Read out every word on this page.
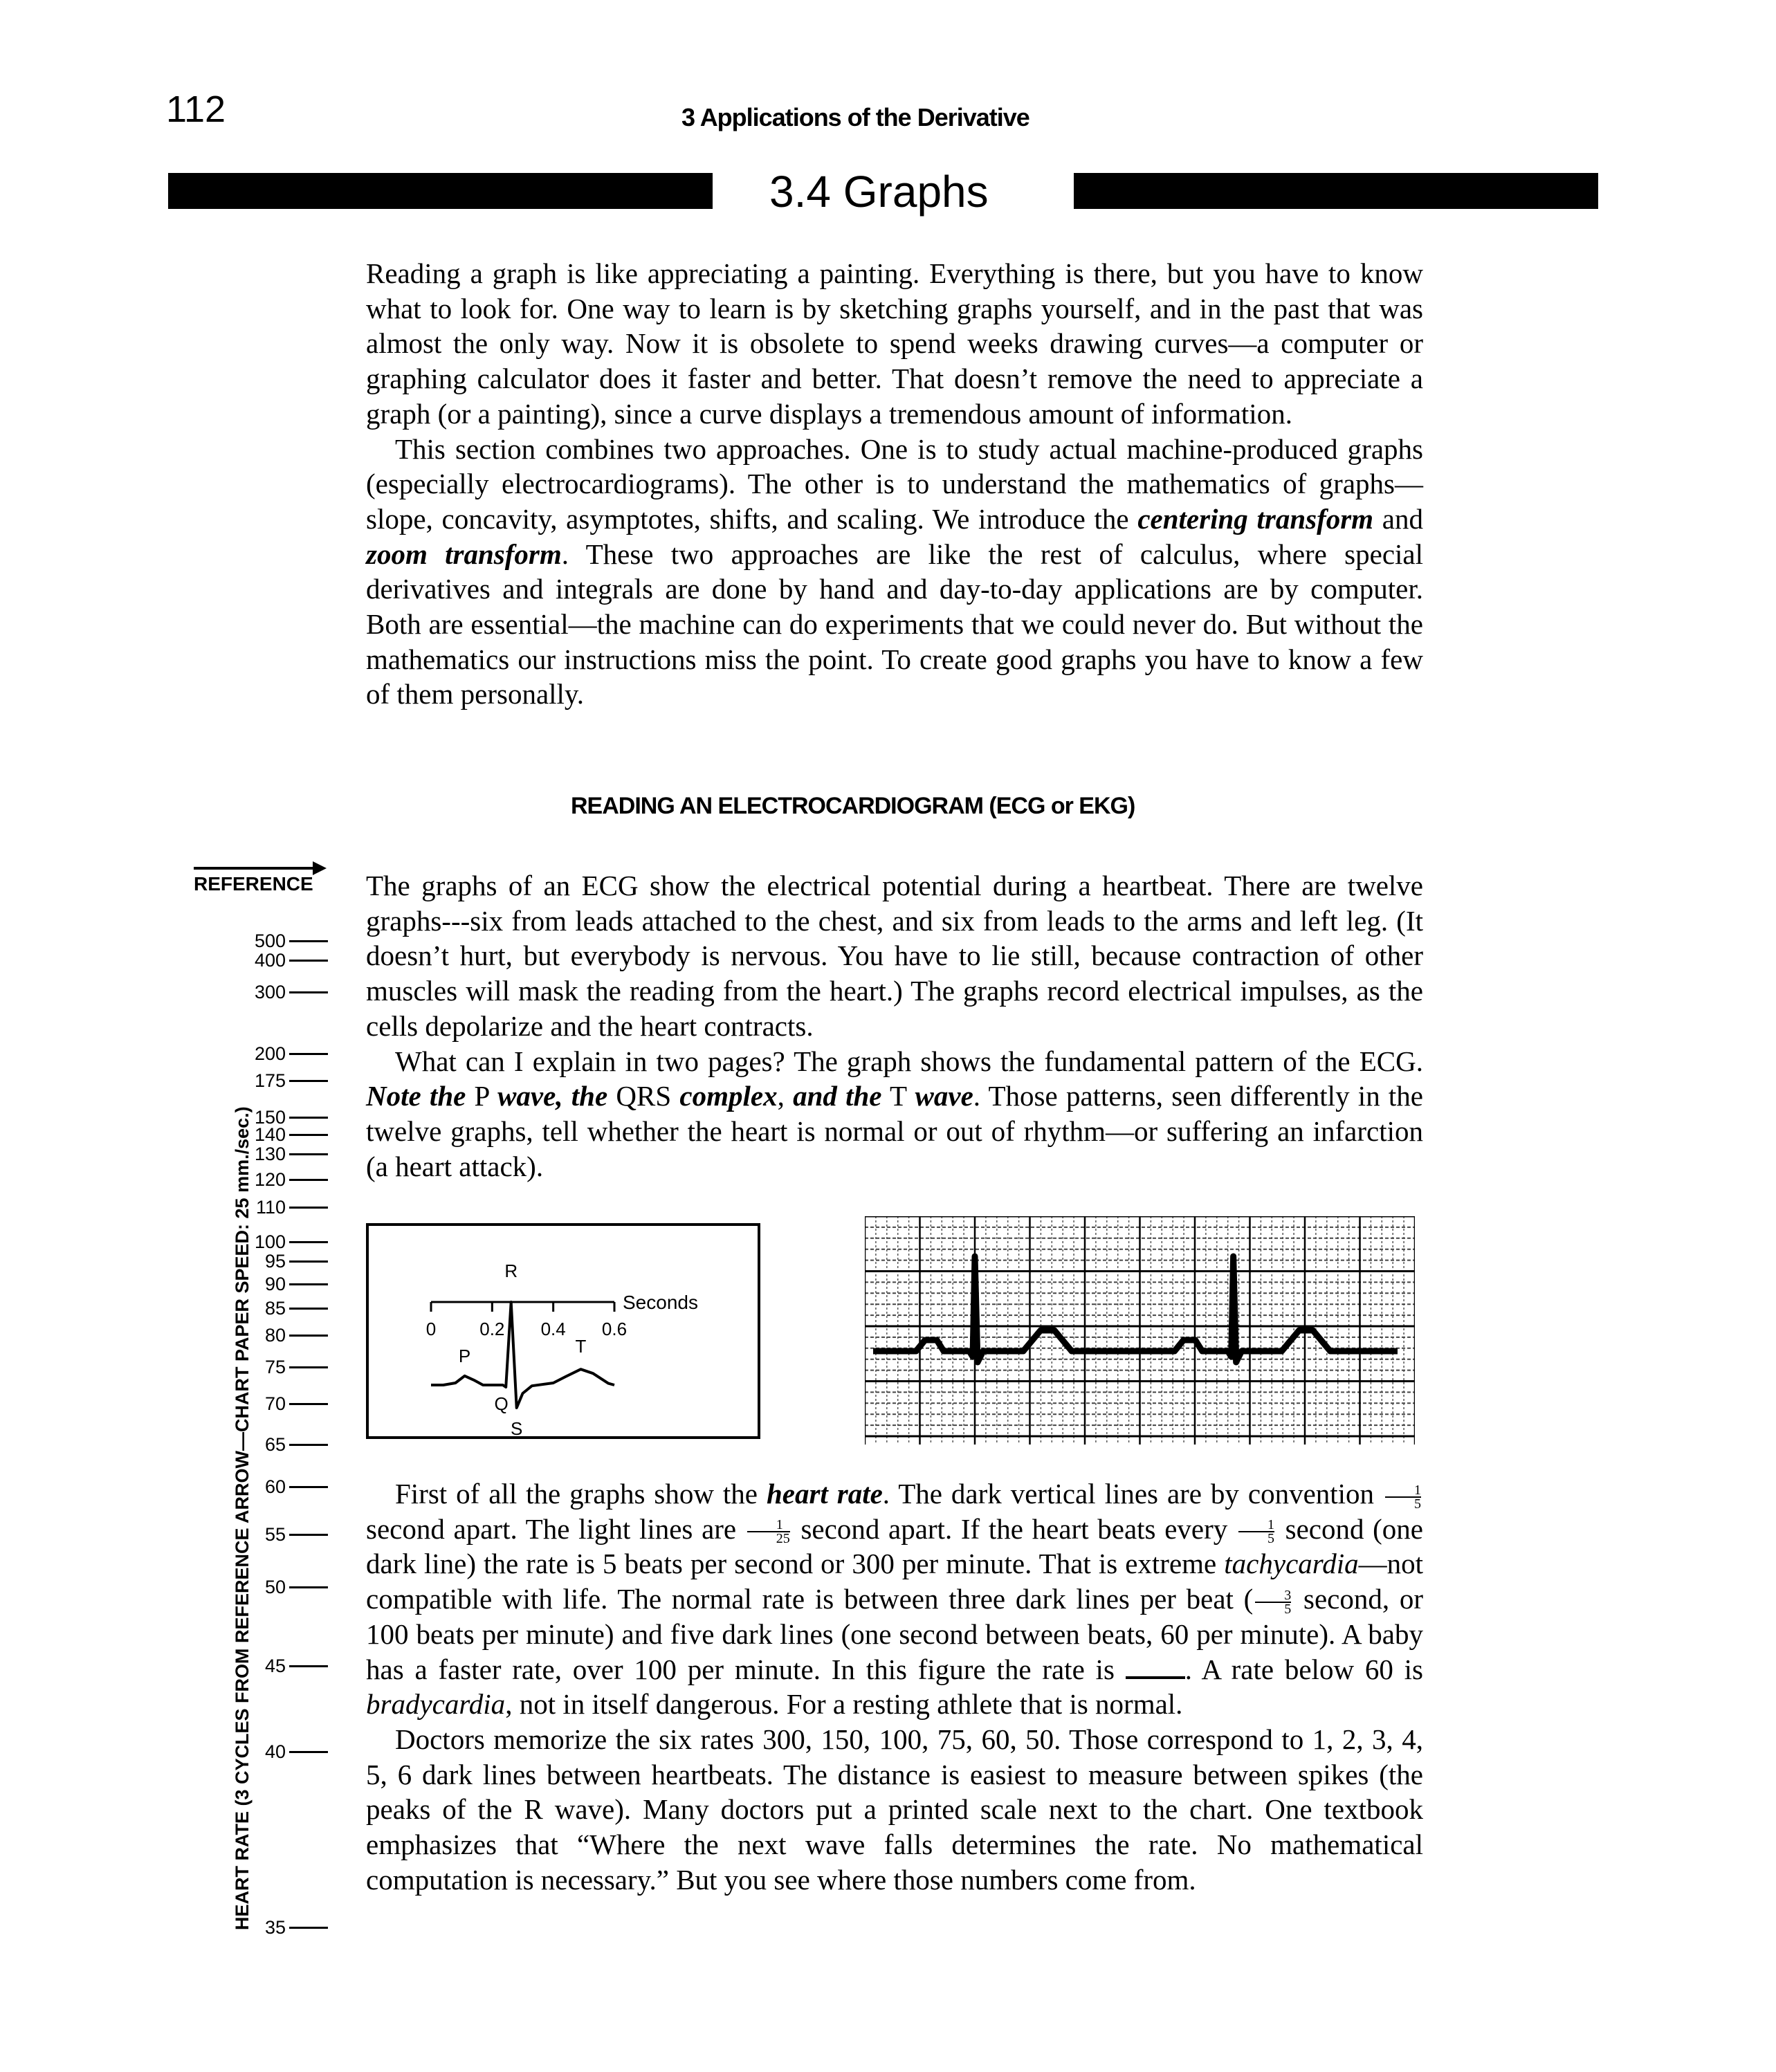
112	3 Applications of the Derivative
3.4 Graphs

Reading a graph is like appreciating a painting. Everything is there, but you have to know what to look for. One way to learn is by sketching graphs yourself, and in the past that was almost the only way. Now it is obsolete to spend weeks drawing curves—a computer or graphing calculator does it faster and better. That doesn’t remove the need to appreciate a graph (or a painting), since a curve displays a tremendous amount of information.

This section combines two approaches. One is to study actual machine-produced graphs (especially electrocardiograms). The other is to understand the mathematics of graphs—slope, concavity, asymptotes, shifts, and scaling. We introduce the centering transform and zoom transform. These two approaches are like the rest of calculus, where special derivatives and integrals are done by hand and day-to-day applications are by computer. Both are essential—the machine can do experiments that we could never do. But without the mathematics our instructions miss the point. To create good graphs you have to know a few of them personally.

READING AN ELECTROCARDIOGRAM (ECG or EKG)

The graphs of an ECG show the electrical potential during a heartbeat. There are twelve graphs---six from leads attached to the chest, and six from leads to the arms and left leg. (It doesn’t hurt, but everybody is nervous. You have to lie still, because contraction of other muscles will mask the reading from the heart.) The graphs record electrical impulses, as the cells depolarize and the heart contracts.

What can I explain in two pages? The graph shows the fundamental pattern of the ECG. Note the P wave, the QRS complex, and the T wave. Those patterns, seen differently in the twelve graphs, tell whether the heart is normal or out of rhythm—or suffering an infarction (a heart attack).

0 0.2 0.4 0.6
Seconds
P
Q
R
S
T

First of all the graphs show the heart rate. The dark vertical lines are by convention $\frac{1}{5}$
second apart. The light lines are $\frac{1}{25}$ second apart. If the heart beats every $\frac{1}{5}$ second (one dark line) the rate is 5 beats per second or 300 per minute. That is extreme tachycardia—not compatible with life. The normal rate is between three dark lines per beat ( $\frac{3}{5}$ second, or 100 beats per minute) and five dark lines (one second between beats, 60 per minute). A baby has a faster rate, over 100 per minute. In this figure the rate is . A rate below 60 is bradycardia, not in itself dangerous. For a resting athlete that is normal.

Doctors memorize the six rates 300, 150, 100, 75, 60, 50. Those correspond to 1, 2, 3, 4, 5, 6 dark lines between heartbeats. The distance is easiest to measure between spikes (the peaks of the R wave). Many doctors put a printed scale next to the chart. One textbook emphasizes that “Where the next wave falls determines the rate. No mathematical computation is necessary.” But you see where those numbers come from.

REFERENCE
500
400
300
200
175
150
140
130
120
110
100
95
90
85
80
75
70
65
60
55
50
45
40
35
HEART RATE (3 CYCLES FROM REFERENCE ARROW—CHART PAPER SPEED: 25 mm./sec.)
